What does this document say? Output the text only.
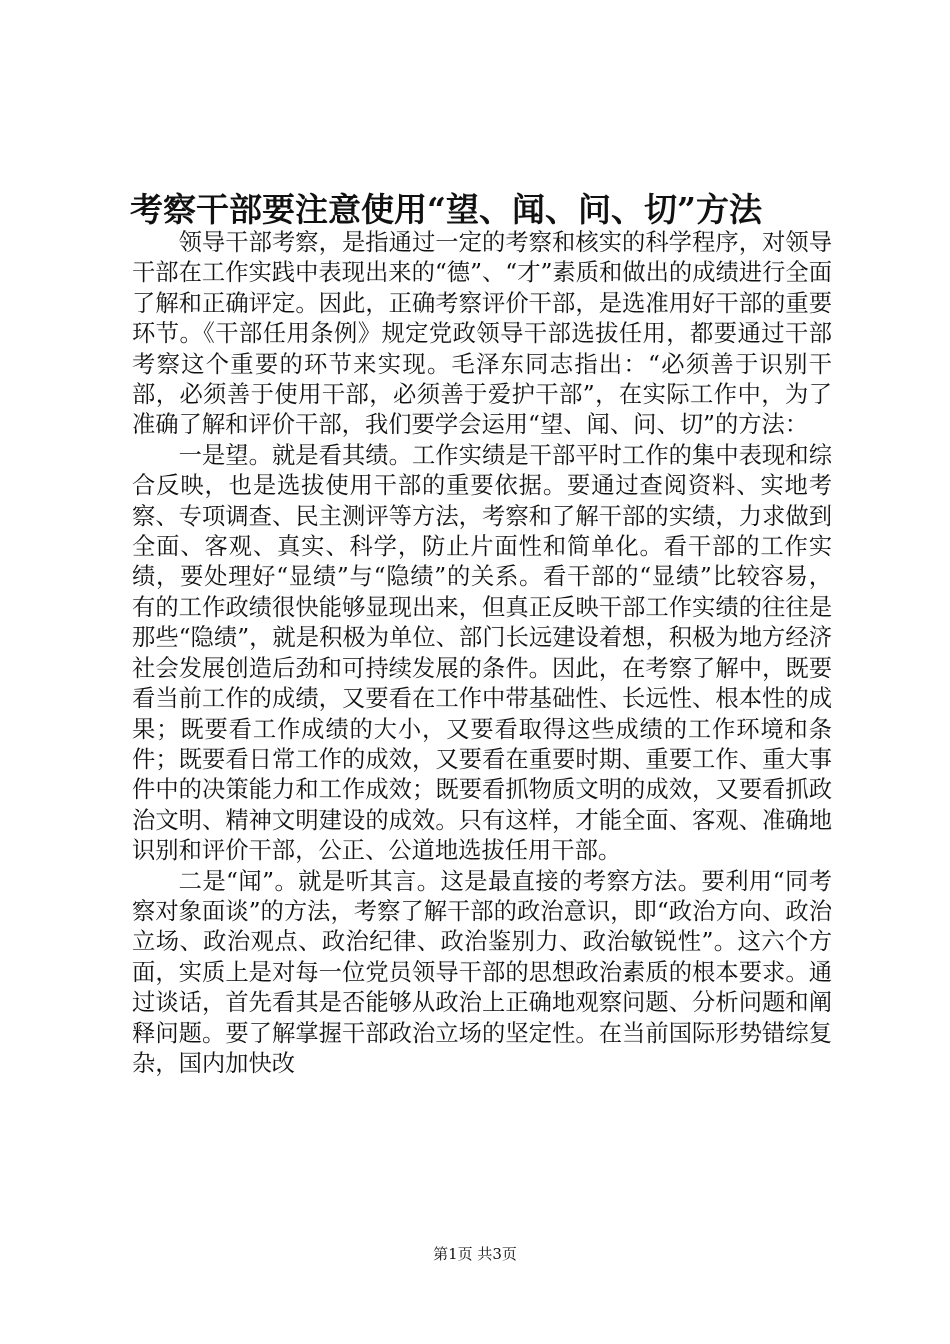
考察干部要注意使用“望、闻、问、切”方法

领导干部考察，是指通过一定的考察和核实的科学程序，对领导干部在工作实践中表现出来的“德”、“才”素质和做出的成绩进行全面了解和正确评定。因此，正确考察评价干部，是选准用好干部的重要环节。《干部任用条例》规定党政领导干部选拔任用，都要通过干部考察这个重要的环节来实现。毛泽东同志指出：“必须善于识别干部，必须善于使用干部，必须善于爱护干部”，在实际工作中，为了准确了解和评价干部，我们要学会运用“望、闻、问、切”的方法：

一是望。就是看其绩。工作实绩是干部平时工作的集中表现和综合反映，也是选拔使用干部的重要依据。要通过查阅资料、实地考察、专项调查、民主测评等方法，考察和了解干部的实绩，力求做到全面、客观、真实、科学，防止片面性和简单化。看干部的工作实绩，要处理好“显绩”与“隐绩”的关系。看干部的“显绩”比较容易，有的工作政绩很快能够显现出来，但真正反映干部工作实绩的往往是那些“隐绩”，就是积极为单位、部门长远建设着想，积极为地方经济社会发展创造后劲和可持续发展的条件。因此，在考察了解中，既要看当前工作的成绩，又要看在工作中带基础性、长远性、根本性的成果；既要看工作成绩的大小，又要看取得这些成绩的工作环境和条件；既要看日常工作的成效，又要看在重要时期、重要工作、重大事件中的决策能力和工作成效；既要看抓物质文明的成效，又要看抓政治文明、精神文明建设的成效。只有这样，才能全面、客观、准确地识别和评价干部，公正、公道地选拔任用干部。

二是“闻”。就是听其言。这是最直接的考察方法。要利用“同考察对象面谈”的方法，考察了解干部的政治意识，即“政治方向、政治立场、政治观点、政治纪律、政治鉴别力、政治敏锐性”。这六个方面，实质上是对每一位党员领导干部的思想政治素质的根本要求。通过谈话，首先看其是否能够从政治上正确地观察问题、分析问题和阐释问题。要了解掌握干部政治立场的坚定性。在当前国际形势错综复杂，国内加快改

第1页 共3页
